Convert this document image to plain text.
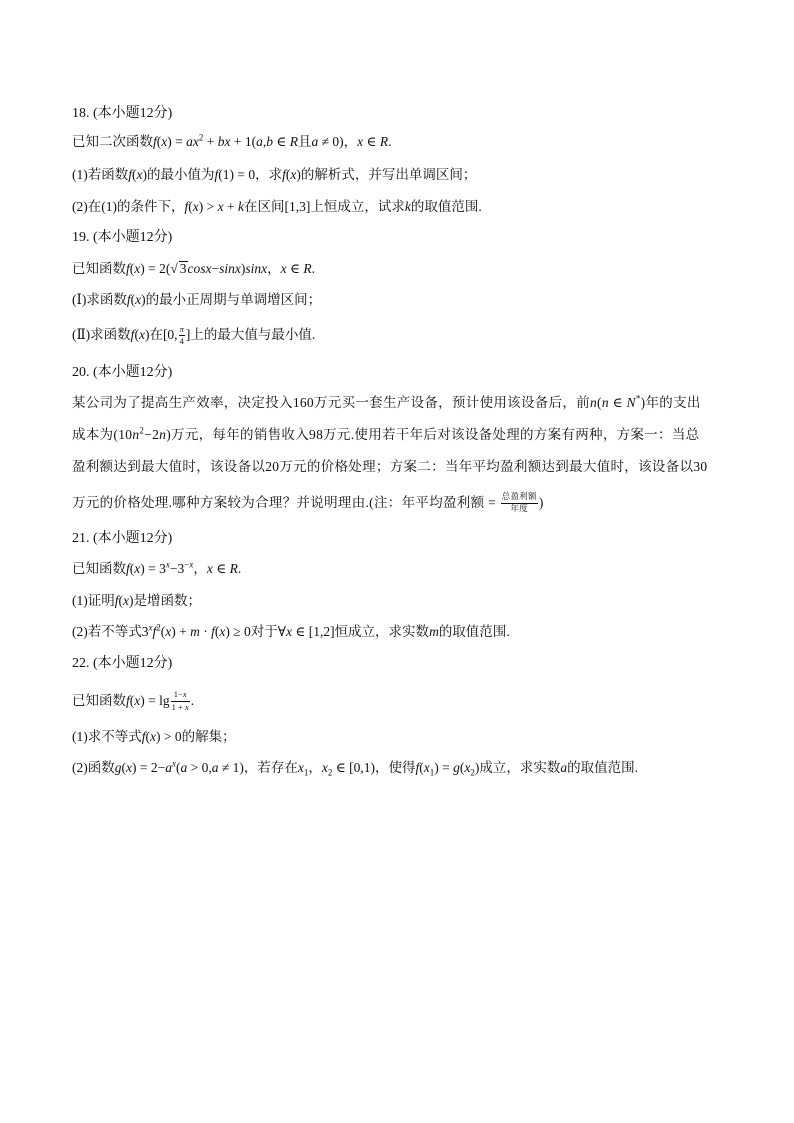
18. (本小题12分)
已知二次函数$f(x) = ax^2$ + bx + 1(a,b ∈ R且a ≠ 0)，x ∈ R.
(1)若函数f(x)的最小值为f(1) = 0，求f(x)的解析式，并写出单调区间；
(2)在(1)的条件下，f(x) > x + k在区间[1,3]上恒成立，试求k的取值范围.
19. (本小题12分)
已知函数f(x) = 2(√ 3cosx−sinx)sinx，x ∈ R.
(Ⅰ)求函数f(x)的最小正周期与单调增区间；
(Ⅱ)求函数f(x)在[0, $\frac{\pi}{4}$ ]上的最大值与最小值.
20. (本小题12分)
某公司为了提高生产效率，决定投入160万元买一套生产设备，预计使用该设备后，前n(n ∈ N*)年的支出
成本为$(10n^2-2n)$万元，每年的销售收入98万元.使用若干年后对该设备处理的方案有两种，方案一：当总
盈利额达到最大值时，该设备以20万元的价格处理；方案二：当年平均盈利额达到最大值时，该设备以30
万元的价格处理.哪种方案较为合理？并说明理由.(注：年平均盈利额 = $\frac{\text{总盈利额}}{\text{年度}}$ )
21. (本小题12分)
已知函数$f(x) = 3^x-3^{-x}$，x ∈ R.
(1)证明f(x)是增函数；
(2)若不等式$3^xf^2(x) + m \cdot f(x) \ge 0$对于∀x ∈ [1,2]恒成立，求实数m的取值范围.
22. (本小题12分)
已知函数$f(x) = \lg \frac{1-x}{1 + x}$ .
(1)求不等式f(x) > 0的解集；
(2)函数$g(x) = 2-a^x(a > 0,a \ne 1)$，若存在$x_1$，$x_2$ ∈ [0,1)，使得$f(x_1) = g(x_2)$成立，求实数a的取值范围.
